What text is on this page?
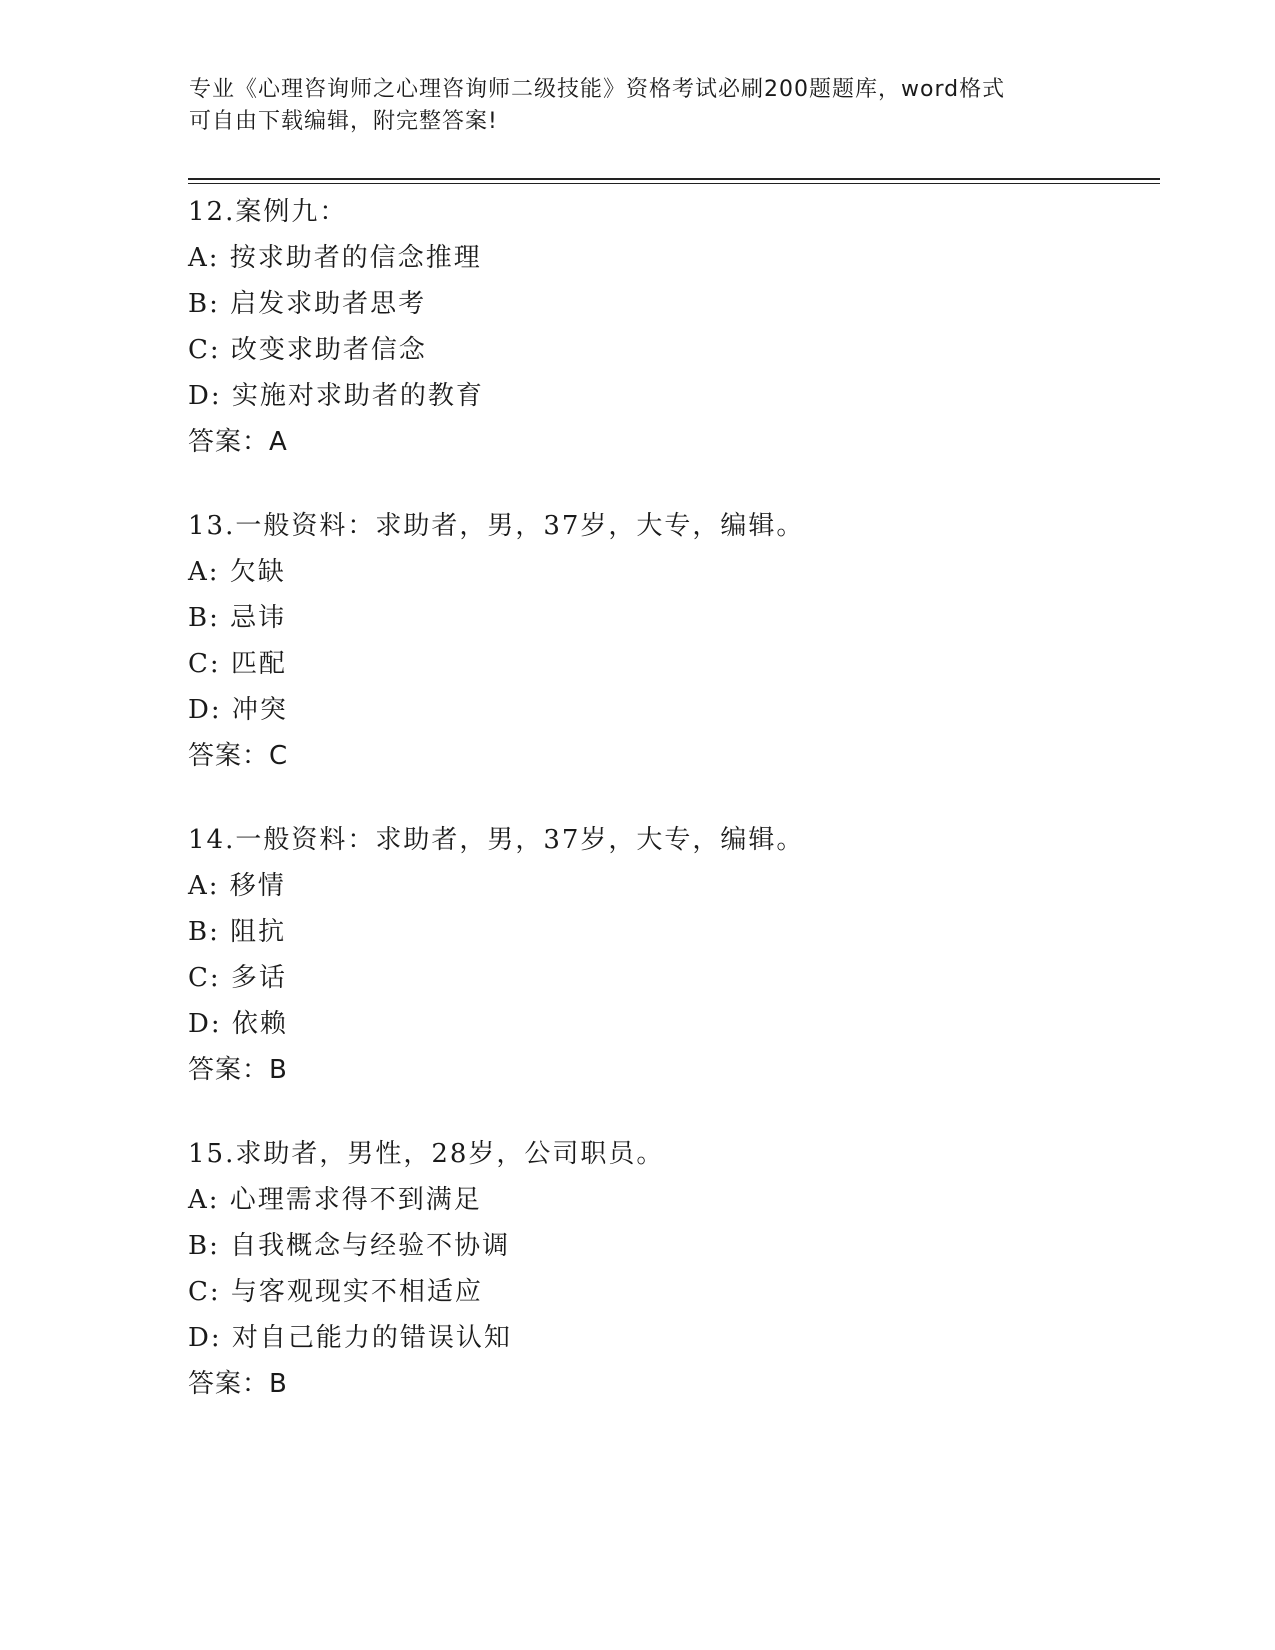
专业《心理咨询师之心理咨询师二级技能》资格考试必刷200题题库，word格式

可自由下载编辑，附完整答案!

12.案例九：
A: 按求助者的信念推理
B: 启发求助者思考
C: 改变求助者信念
D: 实施对求助者的教育
答案：A
13.一般资料：求助者，男，37岁，大专，编辑。
A: 欠缺
B: 忌讳
C: 匹配
D: 冲突
答案：C
14.一般资料：求助者，男，37岁，大专，编辑。
A: 移情
B: 阻抗
C: 多话
D: 依赖
答案：B
15.求助者，男性，28岁，公司职员。
A: 心理需求得不到满足
B: 自我概念与经验不协调
C: 与客观现实不相适应
D: 对自己能力的错误认知
答案：B
